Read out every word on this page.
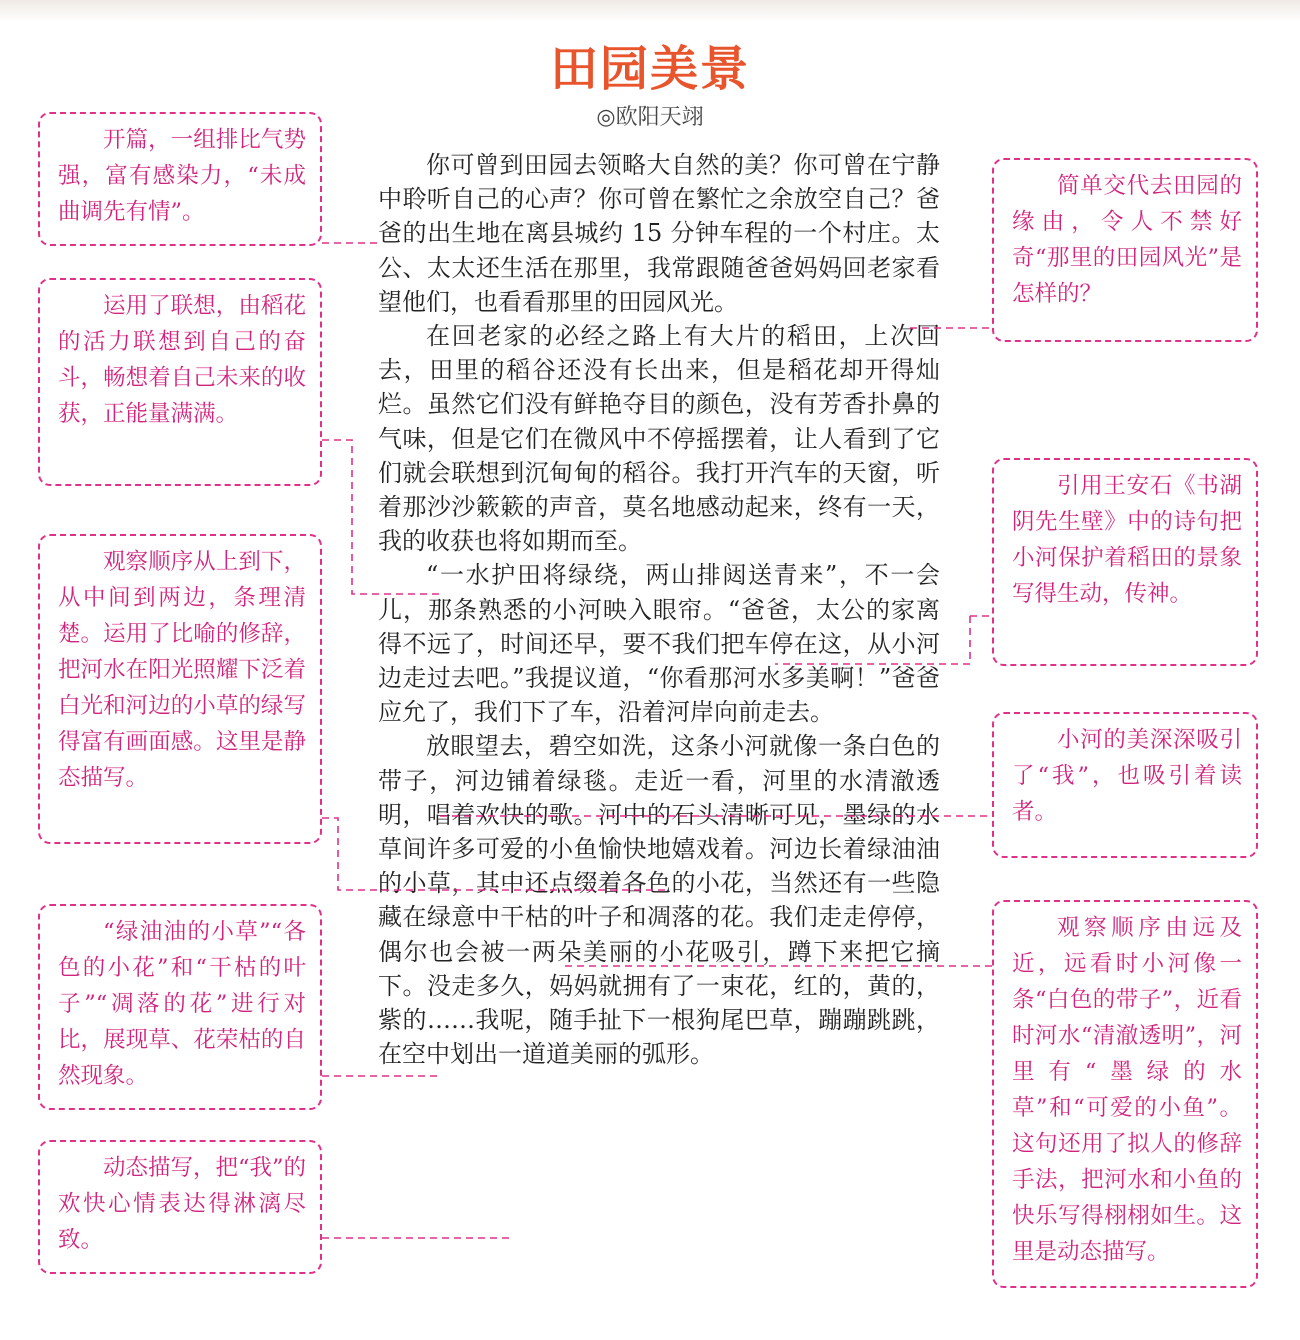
田园美景
◎欧阳天翊

你可曾到田园去领略大自然的美？你可曾在宁静中聆听自己的心声？你可曾在繁忙之余放空自己？爸爸的出生地在离县城约 15 分钟车程的一个村庄。太公、太太还生活在那里，我常跟随爸爸妈妈回老家看望他们，也看看那里的田园风光。

在回老家的必经之路上有大片的稻田，上次回去，田里的稻谷还没有长出来，但是稻花却开得灿烂。虽然它们没有鲜艳夺目的颜色，没有芳香扑鼻的气味，但是它们在微风中不停摇摆着，让人看到了它们就会联想到沉甸甸的稻谷。我打开汽车的天窗，听着那沙沙簌簌的声音，莫名地感动起来，终有一天，我的收获也将如期而至。

“一水护田将绿绕，两山排闼送青来”，不一会儿，那条熟悉的小河映入眼帘。“爸爸，太公的家离得不远了，时间还早，要不我们把车停在这，从小河边走过去吧。”我提议道，“你看那河水多美啊！”爸爸应允了，我们下了车，沿着河岸向前走去。

放眼望去，碧空如洗，这条小河就像一条白色的带子，河边铺着绿毯。走近一看，河里的水清澈透明，唱着欢快的歌。河中的石头清晰可见，墨绿的水草间许多可爱的小鱼愉快地嬉戏着。河边长着绿油油的小草，其中还点缀着各色的小花，当然还有一些隐藏在绿意中干枯的叶子和凋落的花。我们走走停停，偶尔也会被一两朵美丽的小花吸引，蹲下来把它摘下。没走多久，妈妈就拥有了一束花，红的，黄的，紫的……我呢，随手扯下一根狗尾巴草，蹦蹦跳跳，在空中划出一道道美丽的弧形。

开篇，一组排比气势强，富有感染力，“未成曲调先有情”。
运用了联想，由稻花的活力联想到自己的奋斗，畅想着自己未来的收获，正能量满满。
观察顺序从上到下，从中间到两边，条理清楚。运用了比喻的修辞，把河水在阳光照耀下泛着白光和河边的小草的绿写得富有画面感。这里是静态描写。
“绿油油的小草”“各色的小花”和“干枯的叶子”“凋落的花”进行对比，展现草、花荣枯的自然现象。
动态描写，把“我”的欢快心情表达得淋漓尽致。
简单交代去田园的缘由，令人不禁好奇“那里的田园风光”是怎样的？
引用王安石《书湖阴先生壁》中的诗句把小河保护着稻田的景象写得生动，传神。
小河的美深深吸引了“我”，也吸引着读者。
观察顺序由远及近，远看时小河像一条“白色的带子”，近看时河水“清澈透明”，河里有“墨绿的水草”和“可爱的小鱼”。这句还用了拟人的修辞手法，把河水和小鱼的快乐写得栩栩如生。这里是动态描写。
